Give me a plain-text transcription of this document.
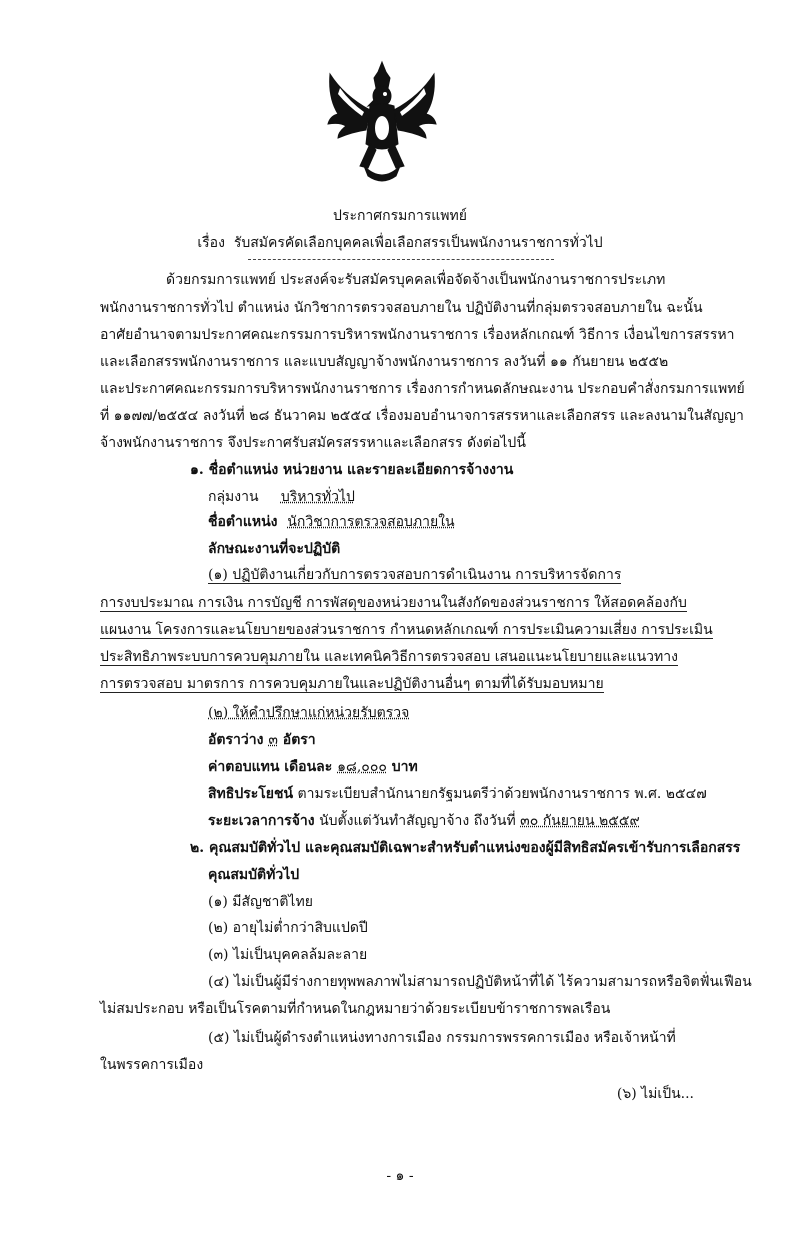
ประกาศกรมการแพทย์
เรื่อง รับสมัครคัดเลือกบุคคลเพื่อเลือกสรรเป็นพนักงานราชการทั่วไป
ด้วยกรมการแพทย์ ประสงค์จะรับสมัครบุคคลเพื่อจัดจ้างเป็นพนักงานราชการประเภท
พนักงานราชการทั่วไป ตำแหน่ง นักวิชาการตรวจสอบภายใน ปฏิบัติงานที่กลุ่มตรวจสอบภายใน ฉะนั้น
อาศัยอำนาจตามประกาศคณะกรรมการบริหารพนักงานราชการ เรื่องหลักเกณฑ์ วิธีการ เงื่อนไขการสรรหา
และเลือกสรรพนักงานราชการ และแบบสัญญาจ้างพนักงานราชการ ลงวันที่ ๑๑ กันยายน ๒๕๕๒
และประกาศคณะกรรมการบริหารพนักงานราชการ เรื่องการกำหนดลักษณะงาน ประกอบคำสั่งกรมการแพทย์
ที่ ๑๑๗๗/๒๕๕๔ ลงวันที่ ๒๘ ธันวาคม ๒๕๕๔ เรื่องมอบอำนาจการสรรหาและเลือกสรร และลงนามในสัญญา
จ้างพนักงานราชการ จึงประกาศรับสมัครสรรหาและเลือกสรร ดังต่อไปนี้
๑. ชื่อตำแหน่ง หน่วยงาน และรายละเอียดการจ้างงาน
กลุ่มงาน บริหารทั่วไป
ชื่อตำแหน่ง นักวิชาการตรวจสอบภายใน
ลักษณะงานที่จะปฏิบัติ
(๑) ปฏิบัติงานเกี่ยวกับการตรวจสอบการดำเนินงาน การบริหารจัดการ
การงบประมาณ การเงิน การบัญชี การพัสดุของหน่วยงานในสังกัดของส่วนราชการ ให้สอดคล้องกับ
แผนงาน โครงการและนโยบายของส่วนราชการ กำหนดหลักเกณฑ์ การประเมินความเสี่ยง การประเมิน
ประสิทธิภาพระบบการควบคุมภายใน และเทคนิควิธีการตรวจสอบ เสนอแนะนโยบายและแนวทาง
การตรวจสอบ มาตรการ การควบคุมภายในและปฏิบัติงานอื่นๆ ตามที่ได้รับมอบหมาย
(๒) ให้คำปรึกษาแก่หน่วยรับตรวจ
อัตราว่าง ๓ อัตรา
ค่าตอบแทน เดือนละ ๑๘,๐๐๐ บาท
สิทธิประโยชน์ ตามระเบียบสำนักนายกรัฐมนตรีว่าด้วยพนักงานราชการ พ.ศ. ๒๕๔๗
ระยะเวลาการจ้าง นับตั้งแต่วันทำสัญญาจ้าง ถึงวันที่ ๓๐ กันยายน ๒๕๕๙
๒. คุณสมบัติทั่วไป และคุณสมบัติเฉพาะสำหรับตำแหน่งของผู้มีสิทธิสมัครเข้ารับการเลือกสรร
คุณสมบัติทั่วไป
(๑) มีสัญชาติไทย
(๒) อายุไม่ต่ำกว่าสิบแปดปี
(๓) ไม่เป็นบุคคลล้มละลาย
(๔) ไม่เป็นผู้มีร่างกายทุพพลภาพไม่สามารถปฏิบัติหน้าที่ได้ ไร้ความสามารถหรือจิตฟั่นเฟือน
ไม่สมประกอบ หรือเป็นโรคตามที่กำหนดในกฎหมายว่าด้วยระเบียบข้าราชการพลเรือน
(๕) ไม่เป็นผู้ดำรงตำแหน่งทางการเมือง กรรมการพรรคการเมือง หรือเจ้าหน้าที่
ในพรรคการเมือง
(๖) ไม่เป็น...
- ๑ -
